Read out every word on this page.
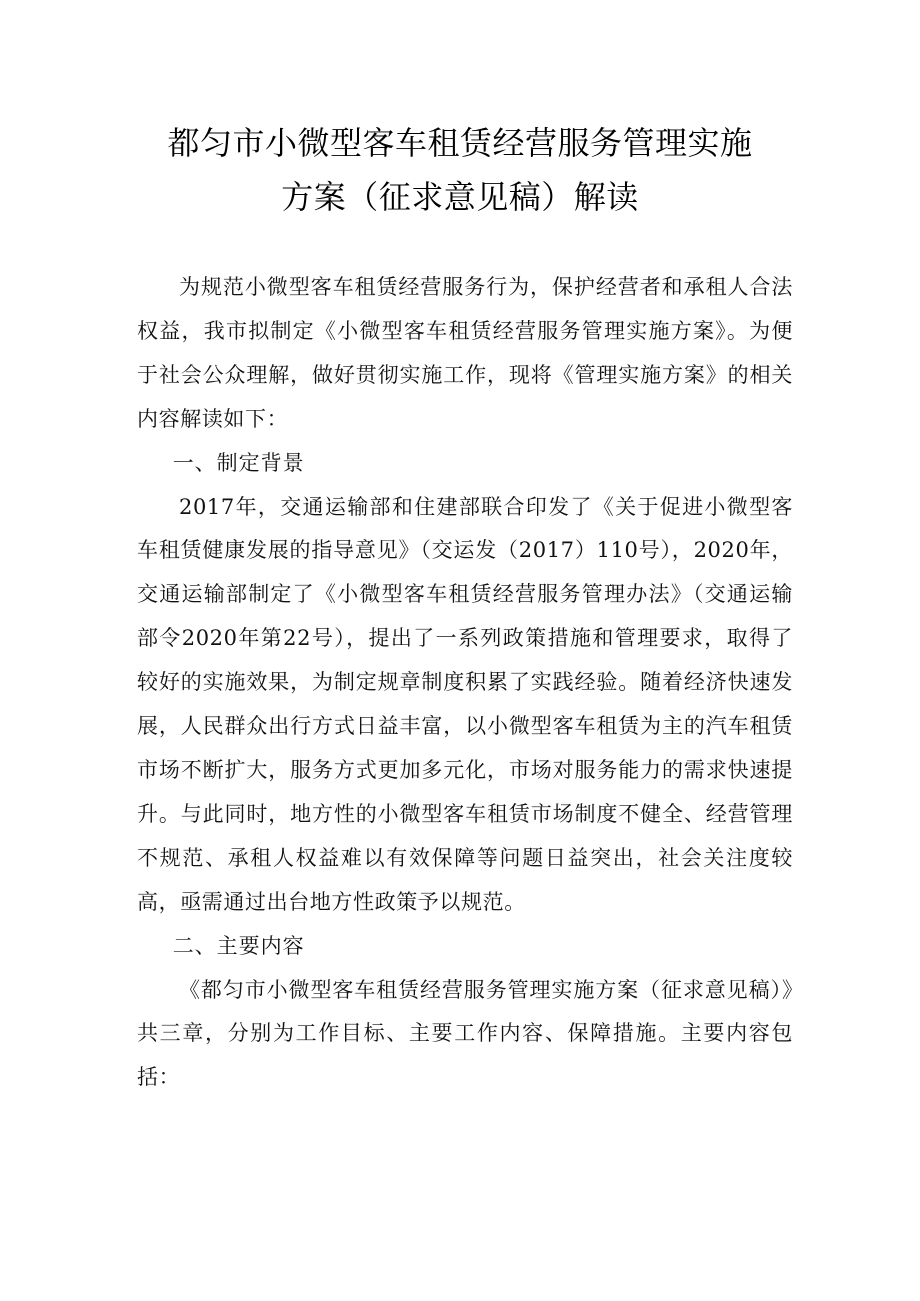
都匀市小微型客车租赁经营服务管理实施
方案（征求意见稿）解读

为规范小微型客车租赁经营服务行为，保护经营者和承租人合法权益，我市拟制定《小微型客车租赁经营服务管理实施方案》。为便于社会公众理解，做好贯彻实施工作，现将《管理实施方案》的相关内容解读如下：

一、制定背景

2017年，交通运输部和住建部联合印发了《关于促进小微型客车租赁健康发展的指导意见》（交运发（2017）110号），2020年，交通运输部制定了《小微型客车租赁经营服务管理办法》（交通运输部令2020年第22号），提出了一系列政策措施和管理要求，取得了较好的实施效果，为制定规章制度积累了实践经验。随着经济快速发展，人民群众出行方式日益丰富，以小微型客车租赁为主的汽车租赁市场不断扩大，服务方式更加多元化，市场对服务能力的需求快速提升。与此同时，地方性的小微型客车租赁市场制度不健全、经营管理不规范、承租人权益难以有效保障等问题日益突出，社会关注度较高，亟需通过出台地方性政策予以规范。

二、主要内容

《都匀市小微型客车租赁经营服务管理实施方案（征求意见稿）》共三章，分别为工作目标、主要工作内容、保障措施。主要内容包括：
